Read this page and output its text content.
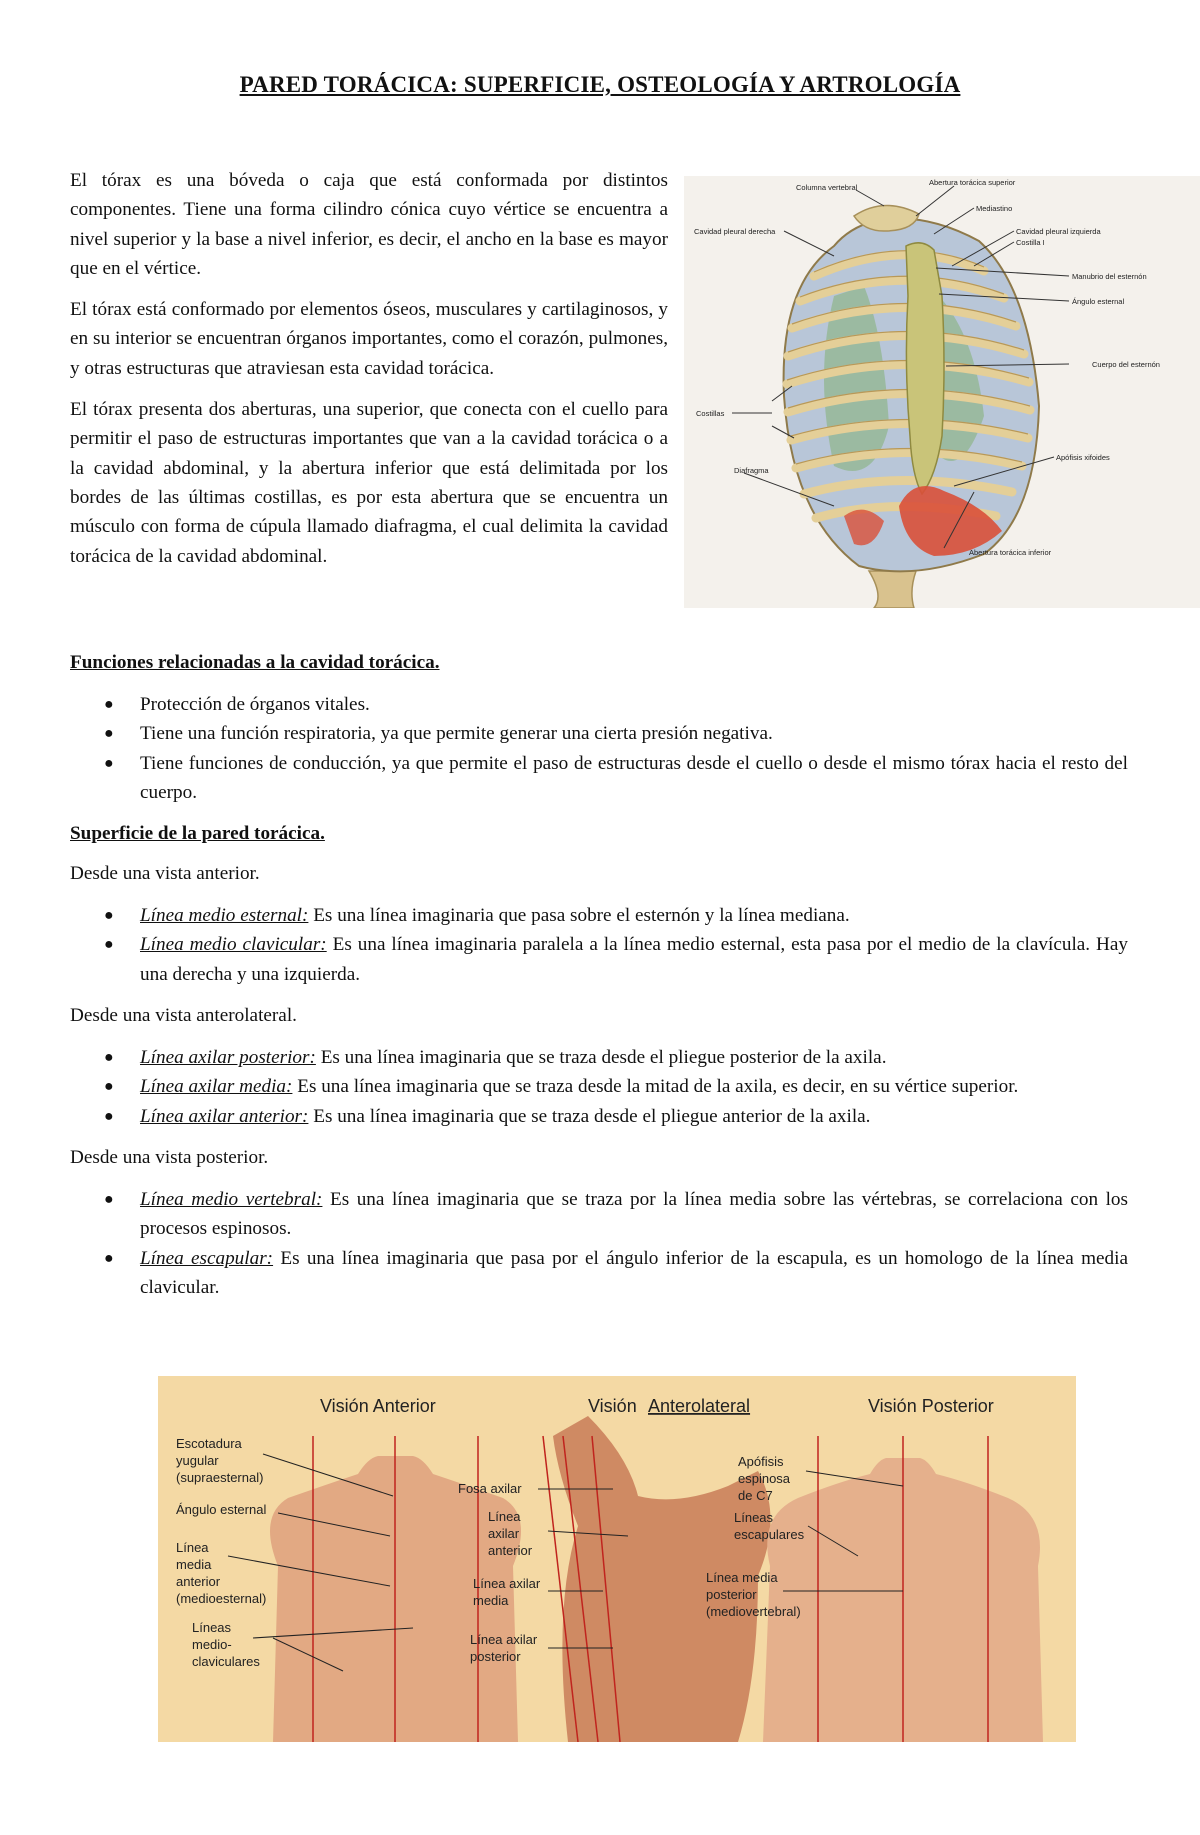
PARED TORÁCICA: SUPERFICIE, OSTEOLOGÍA Y ARTROLOGÍA

El tórax es una bóveda o caja que está conformada por distintos componentes. Tiene una forma cilindro cónica cuyo vértice se encuentra a nivel superior y la base a nivel inferior, es decir, el ancho en la base es mayor que en el vértice.

El tórax está conformado por elementos óseos, musculares y cartilaginosos, y en su interior se encuentran órganos importantes, como el corazón, pulmones, y otras estructuras que atraviesan esta cavidad torácica.

El tórax presenta dos aberturas, una superior, que conecta con el cuello para permitir el paso de estructuras importantes que van a la cavidad torácica o a la cavidad abdominal, y la abertura inferior que está delimitada por los bordes de las últimas costillas, es por esta abertura que se encuentra un músculo con forma de cúpula llamado diafragma, el cual delimita la cavidad torácica de la cavidad abdominal.

Columna vertebral
Abertura torácica superior
Mediastino
Cavidad pleural derecha	Cavidad pleural izquierda
Costilla I
Manubrio del esternón
Ángulo esternal
Cuerpo del esternón
Costillas
Apófisis xifoides
Diafragma
Abertura torácica inferior
Funciones relacionadas a la cavidad torácica.
● Protección de órganos vitales.
● Tiene una función respiratoria, ya que permite generar una cierta presión negativa.
● Tiene funciones de conducción, ya que permite el paso de estructuras desde el cuello o desde el mismo tórax hacia el resto del cuerpo.
Superficie de la pared torácica.
Desde una vista anterior.
● Línea medio esternal: Es una línea imaginaria que pasa sobre el esternón y la línea mediana.
● Línea medio clavicular: Es una línea imaginaria paralela a la línea medio esternal, esta pasa por el medio de la clavícula. Hay una derecha y una izquierda.
Desde una vista anterolateral.
● Línea axilar posterior: Es una línea imaginaria que se traza desde el pliegue posterior de la axila.
● Línea axilar media: Es una línea imaginaria que se traza desde la mitad de la axila, es decir, en su vértice superior.
● Línea axilar anterior: Es una línea imaginaria que se traza desde el pliegue anterior de la axila.
Desde una vista posterior.
● Línea medio vertebral: Es una línea imaginaria que se traza por la línea media sobre las vértebras, se correlaciona con los procesos espinosos.
● Línea escapular: Es una línea imaginaria que pasa por el ángulo inferior de la escapula, es un homologo de la línea media clavicular.
Visión Anterior	Visión Anterolateral	Visión Posterior
Escotadura
yugular
(supraesternal)
Ángulo esternal
Línea
media
anterior
(medioesternal)
Líneas
medio-
claviculares
Fosa axilar
Línea
axilar
anterior
Línea axilar
media
Línea axilar
posterior
Apófisis
espinosa
de C7
Líneas
escapulares
Línea media
posterior
(mediovertebral)
